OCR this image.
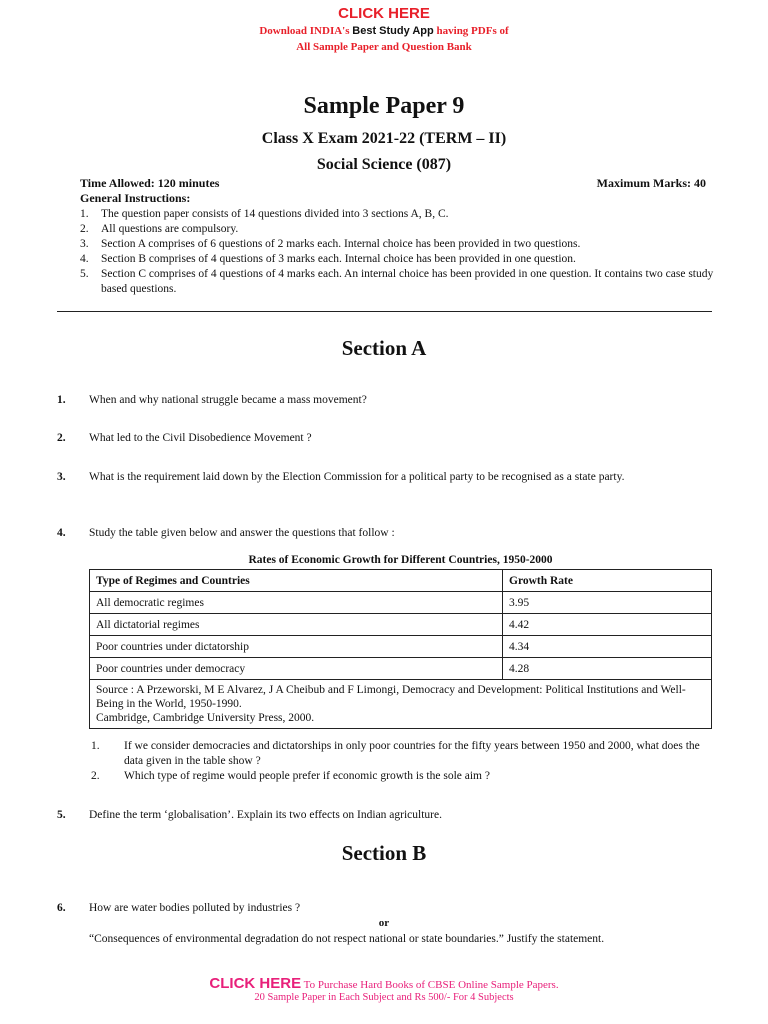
CLICK HERE
Download INDIA's Best Study App having PDFs of
All Sample Paper and Question Bank
Sample Paper 9
Class X Exam 2021-22 (TERM – II)
Social Science (087)
Time Allowed: 120 minutes	Maximum Marks: 40
General Instructions:
1. The question paper consists of 14 questions divided into 3 sections A, B, C.
2. All questions are compulsory.
3. Section A comprises of 6 questions of 2 marks each. Internal choice has been provided in two questions.
4. Section B comprises of 4 questions of 3 marks each. Internal choice has been provided in one question.
5. Section C comprises of 4 questions of 4 marks each. An internal choice has been provided in one question. It contains two case study based questions.
Section A
1. When and why national struggle became a mass movement?
2. What led to the Civil Disobedience Movement ?
3. What is the requirement laid down by the Election Commission for a political party to be recognised as a state party.
4. Study the table given below and answer the questions that follow :
Rates of Economic Growth for Different Countries, 1950-2000
Type of Regimes and Countries	Growth Rate
All democratic regimes	3.95
All dictatorial regimes	4.42
Poor countries under dictatorship	4.34
Poor countries under democracy	4.28

Source : A Przeworski, M E Alvarez, J A Cheibub and F Limongi, Democracy and Development: Political Institutions and Well-Being in the World, 1950-1990.
Cambridge, Cambridge University Press, 2000.	
1. If we consider democracies and dictatorships in only poor countries for the fifty years between 1950 and 2000, what does the data given in the table show ?
2. Which type of regime would people prefer if economic growth is the sole aim ?
5. Define the term ‘globalisation’. Explain its two effects on Indian agriculture.
Section B
6. How are water bodies polluted by industries ?
or
“Consequences of environmental degradation do not respect national or state boundaries.” Justify the statement.
CLICK HERE To Purchase Hard Books of CBSE Online Sample Papers.
20 Sample Paper in Each Subject and Rs 500/- For 4 Subjects
